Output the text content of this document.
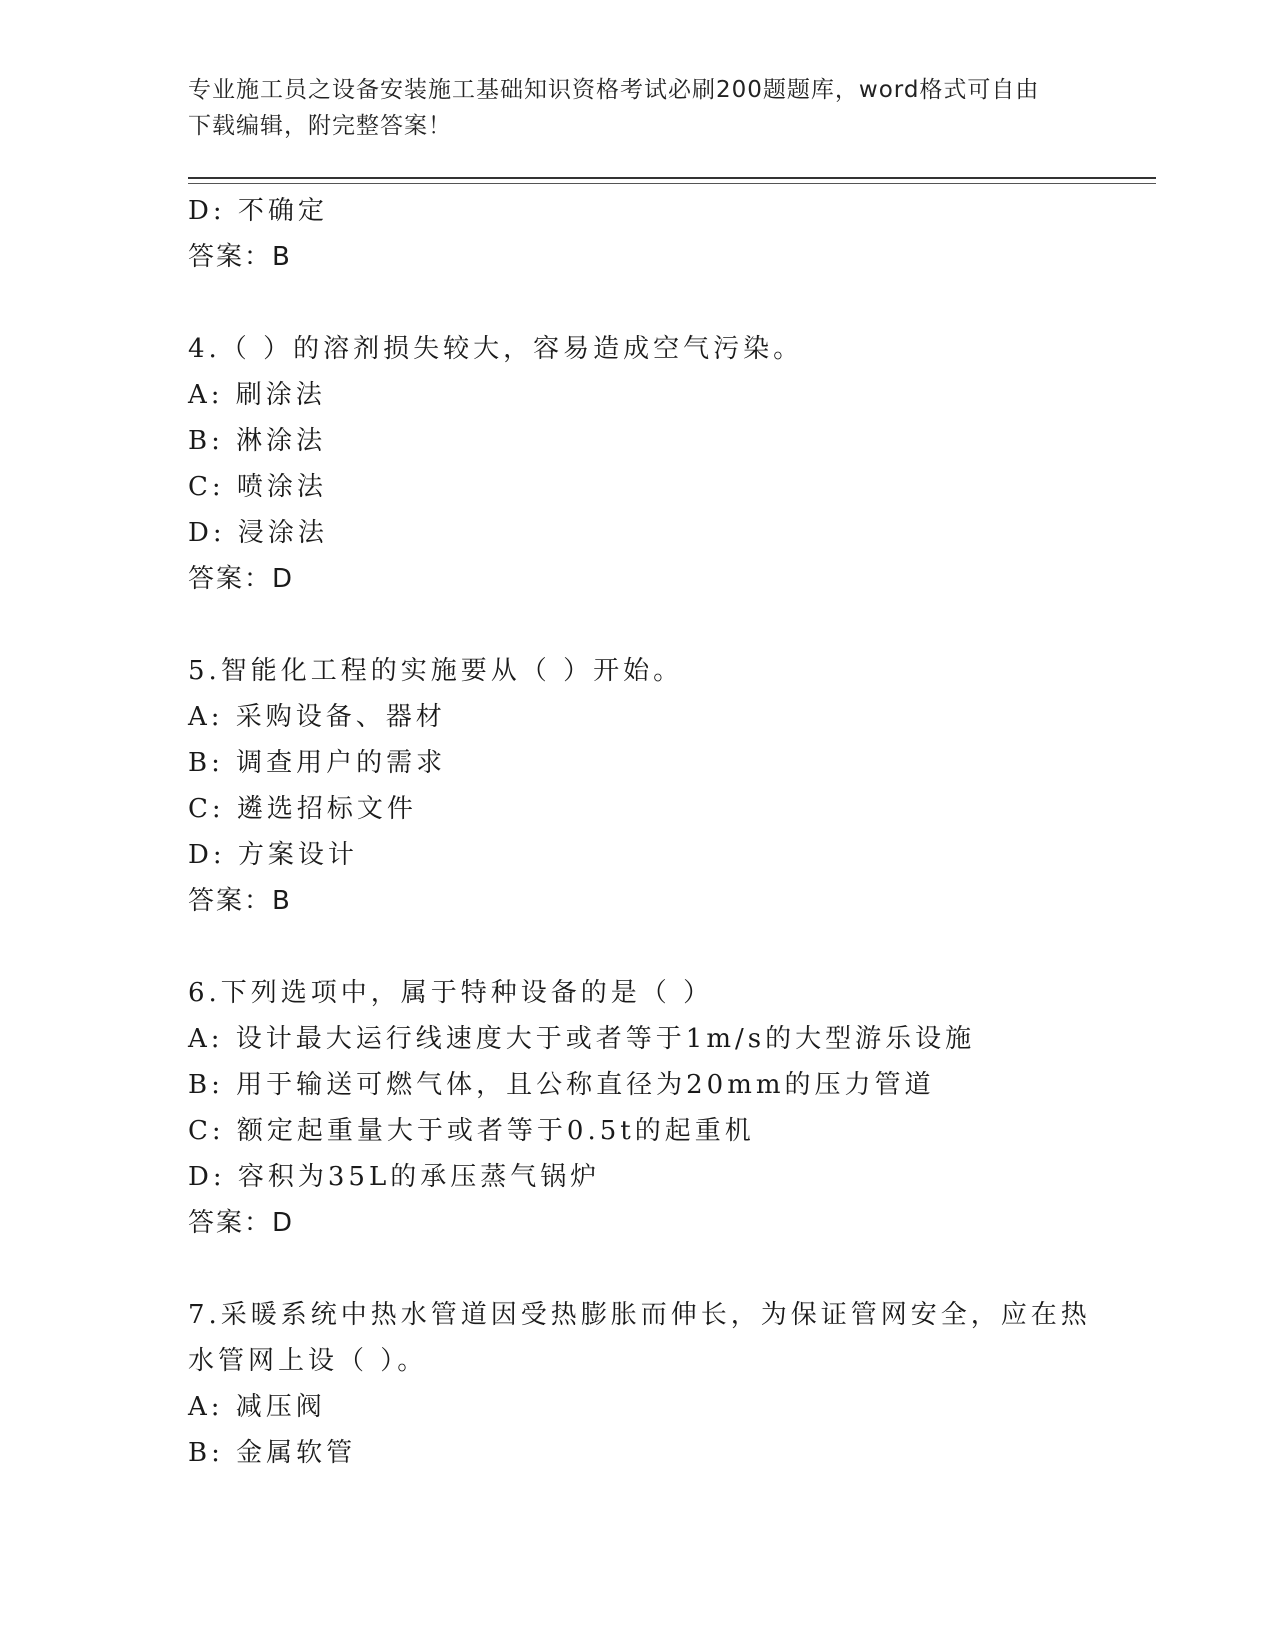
专业施工员之设备安装施工基础知识资格考试必刷200题题库，word格式可自由
下载编辑，附完整答案！
D: 不确定
答案：B
4.（ ）的溶剂损失较大，容易造成空气污染。
A: 刷涂法
B: 淋涂法
C: 喷涂法
D: 浸涂法
答案：D
5.智能化工程的实施要从（ ）开始。
A: 采购设备、器材
B: 调查用户的需求
C: 遴选招标文件
D: 方案设计
答案：B
6.下列选项中，属于特种设备的是（ ）
A: 设计最大运行线速度大于或者等于1m/s的大型游乐设施
B: 用于输送可燃气体，且公称直径为20mm的压力管道
C: 额定起重量大于或者等于0.5t的起重机
D: 容积为35L的承压蒸气锅炉
答案：D
7.采暖系统中热水管道因受热膨胀而伸长，为保证管网安全，应在热
水管网上设（ ）。
A: 减压阀
B: 金属软管
